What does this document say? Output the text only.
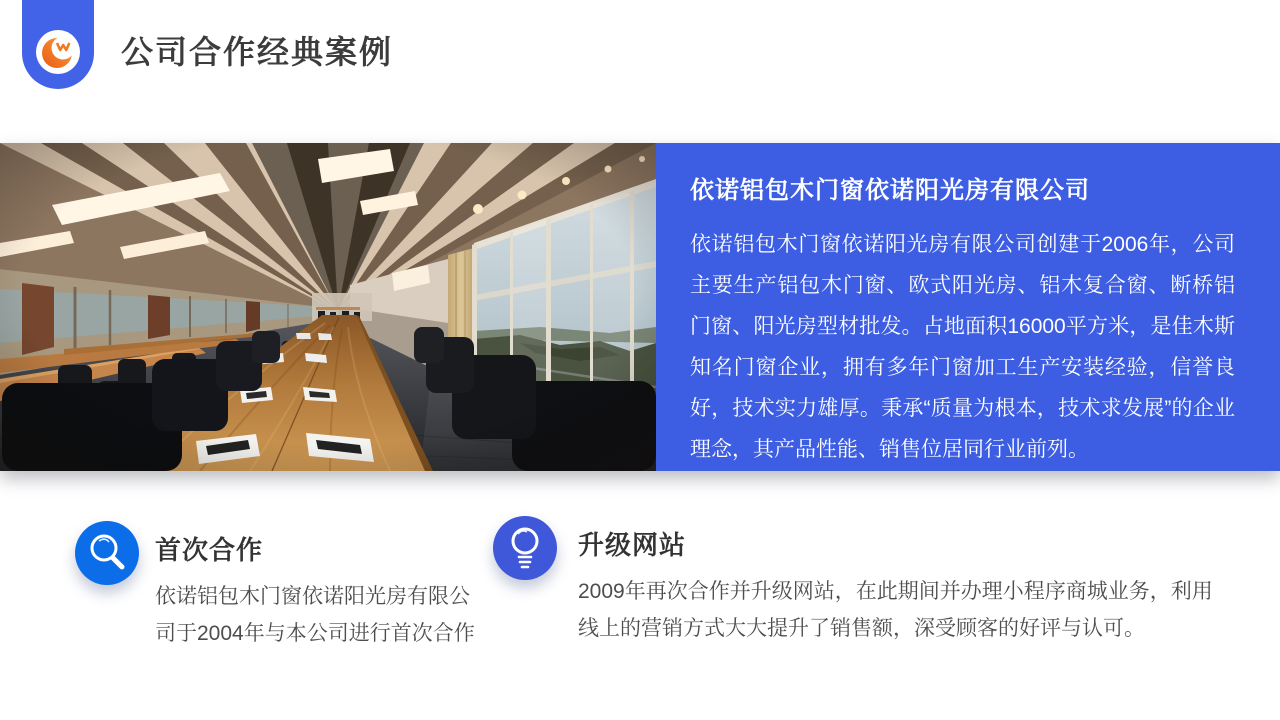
公司合作经典案例
依诺铝包木门窗依诺阳光房有限公司
依诺铝包木门窗依诺阳光房有限公司创建于2006年，公司主要生产铝包木门窗、欧式阳光房、铝木复合窗、断桥铝门窗、阳光房型材批发。占地面积16000平方米，是佳木斯知名门窗企业，拥有多年门窗加工生产安装经验，信誉良好，技术实力雄厚。秉承“质量为根本，技术求发展”的企业理念，其产品性能、销售位居同行业前列。
首次合作
依诺铝包木门窗依诺阳光房有限公司于2004年与本公司进行首次合作
升级网站
2009年再次合作并升级网站，在此期间并办理小程序商城业务，利用线上的营销方式大大提升了销售额，深受顾客的好评与认可。
